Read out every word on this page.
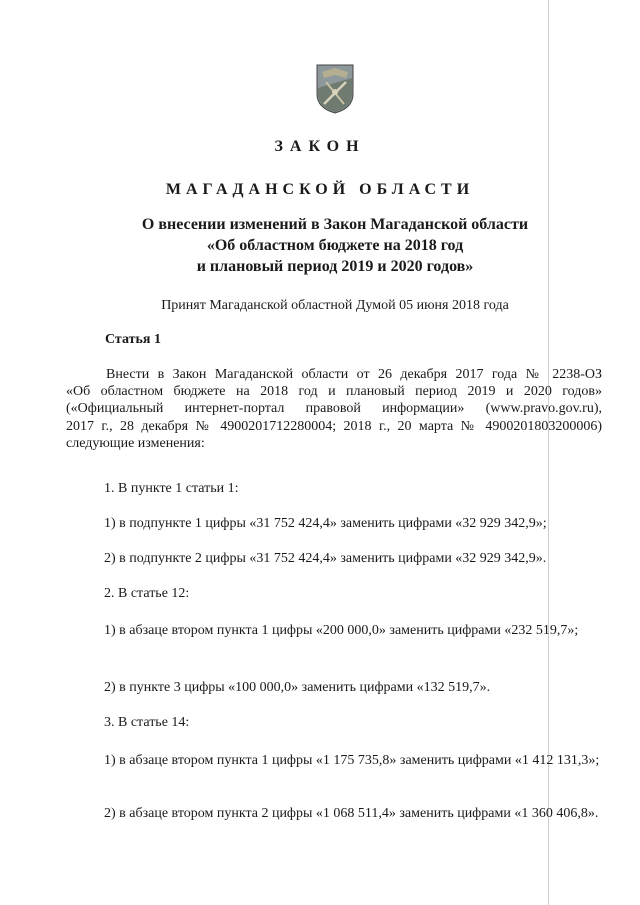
ЗАКОН
МАГАДАНСКОЙ ОБЛАСТИ
О внесении изменений в Закон Магаданской области
«Об областном бюджете на 2018 год
и плановый период 2019 и 2020 годов»
Принят Магаданской областной Думой 05 июня 2018 года
Статья 1
Внести в Закон Магаданской области от 26 декабря 2017 года № 2238-ОЗ
«Об областном бюджете на 2018 год и плановый период 2019 и 2020 годов»
(«Официальный интернет-портал правовой информации» (www.pravo.gov.ru),
2017 г., 28 декабря № 4900201712280004; 2018 г., 20 марта № 4900201803200006)
следующие изменения:
1. В пункте 1 статьи 1:
1) в подпункте 1 цифры «31 752 424,4» заменить цифрами «32 929 342,9»;
2) в подпункте 2 цифры «31 752 424,4» заменить цифрами «32 929 342,9».
2. В статье 12:
1) в абзаце втором пункта 1 цифры «200 000,0» заменить цифрами «232 519,7»;
2) в пункте 3 цифры «100 000,0» заменить цифрами «132 519,7».
3. В статье 14:
1) в абзаце втором пункта 1 цифры «1 175 735,8» заменить цифрами «1 412 131,3»;
2) в абзаце втором пункта 2 цифры «1 068 511,4» заменить цифрами «1 360 406,8».
